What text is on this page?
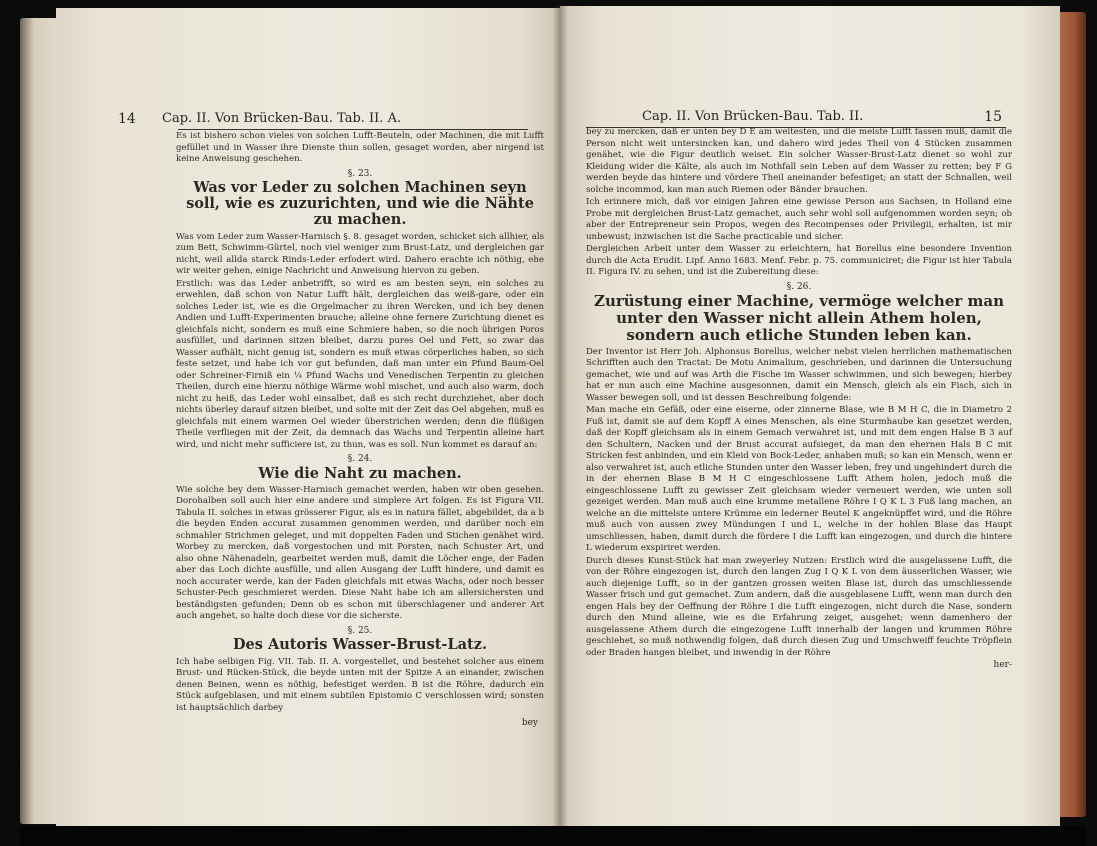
14 Cap. II. Von Brücken-Bau. Tab. II. A.

Es ist bishero schon vieles von solchen Lufft-Beuteln, oder Machinen, die mit Lufft gefüllet und in Wasser ihre Dienste thun sollen, gesaget worden, aber nirgend ist keine Anweisung geschehen.

§. 23.

Was vor Leder zu solchen Machinen seyn soll, wie es zuzurichten, und wie die Nähte zu machen.

Was vom Leder zum Wasser-Harnisch §. 8. gesaget worden, schicket sich allhier, als zum Bett, Schwimm-Gürtel, noch viel weniger zum Brust-Latz, und dergleichen gar nicht, weil allda starck Rinds-Leder erfodert wird. Dahero erachte ich nöthig, ehe wir weiter gehen, einige Nachricht und Anweisung hiervon zu geben.

Erstlich: was das Leder anbetrifft, so wird es am besten seyn, ein solches zu erwehlen, daß schon von Natur Lufft hält, dergleichen das weiß-gare, oder ein solches Leder ist, wie es die Orgelmacher zu ihren Wercken, und ich bey denen Andien und Lufft-Experimenten brauche; alleine ohne fernere Zurichtung dienet es gleichfals nicht, sondern es muß eine Schmiere haben, so die noch übrigen Poros ausfüllet, und darinnen sitzen bleibet, darzu pures Oel und Fett, so zwar das Wasser aufhält, nicht genug ist, sondern es muß etwas cörperliches haben, so sich feste setzet, und habe ich vor gut befunden, daß man unter ein Pfund Baum-Oel oder Schreiner-Firniß ein ¼ Pfund Wachs und Venedischen Terpentin zu gleichen Theilen, durch eine hierzu nöthige Wärme wohl mischet, und auch also warm, doch nicht zu heiß, das Leder wohl einsalbet, daß es sich recht durchziehet, aber doch nichts überley darauf sitzen bleibet, und solte mit der Zeit das Oel abgehen, muß es gleichfals mit einem warmen Oel wieder überstrichen werden; denn die flüßigen Theile verfliegen mit der Zeit, da demnach das Wachs und Terpentin alleine hart wird, und nicht mehr sufficiere ist, zu thun, was es soll. Nun kommet es darauf an:

§. 24.

Wie die Naht zu machen.

Wie solche bey dem Wasser-Harnisch gemachet werden, haben wir oben gesehen. Dorohalben soll auch hier eine andere und simplere Art folgen. Es ist Figura VII. Tabula II. solches in etwas grösserer Figur, als es in natura fället, abgebildet, da a b die beyden Enden accurat zusammen genommen werden, und darüber noch ein schmahler Strichmen geleget, und mit doppelten Faden und Stichen genähet wird. Worbey zu mercken, daß vorgestochen und mit Porsten, nach Schuster Art, und also ohne Nähenadeln, gearbeitet werden muß, damit die Löcher enge, der Faden aber das Loch dichte ausfülle, und allen Ausgang der Lufft hindere, und damit es noch accurater werde, kan der Faden gleichfals mit etwas Wachs, oder noch besser Schuster-Pech geschmieret werden. Diese Naht habe ich am allersichersten und beständigsten gefunden; Denn ob es schon mit überschlagener und anderer Art auch angehet, so halte doch diese vor die sicherste.

§. 25.

Des Autoris Wasser-Brust-Latz.

Ich habe selbigen Fig. VII. Tab. II. A. vorgestellet, und bestehet solcher aus einem Brust- und Rücken-Stück, die beyde unten mit der Spitze A an einander, zwischen denen Beinen, wenn es nöthig, befestiget werden. B ist die Röhre, dadurch ein Stück aufgeblasen, und mit einem subtilen Epistomio C verschlossen wird; sonsten ist hauptsächlich darbey

bey
Cap. II. Von Brücken-Bau. Tab. II.	15

bey zu mercken, daß er unten bey D E am weitesten, und die meiste Lufft fassen muß, damit die Person nicht weit untersincken kan, und dahero wird jedes Theil von 4 Stücken zusammen genähet, wie die Figur deutlich weiset. Ein solcher Wasser-Brust-Latz dienet so wohl zur Kleidung wider die Kälte, als auch im Nothfall sein Leben auf dem Wasser zu retten; bey F G werden beyde das hintere und vördere Theil aneinander befestiget; an statt der Schnallen, weil solche incommod, kan man auch Riemen oder Bänder brauchen.

Ich erinnere mich, daß vor einigen Jahren eine gewisse Person aus Sachsen, in Holland eine Probe mit dergleichen Brust-Latz gemachet, auch sehr wohl soll aufgenommen worden seyn; ob aber der Entrepreneur sein Propos, wegen des Recompenses oder Privilegii, erhalten, ist mir unbewust; inzwischen ist die Sache practicable und sicher.

Dergleichen Arbeit unter dem Wasser zu erleichtern, hat Borellus eine besondere Invention durch die Acta Erudit. Lipf. Anno 1683. Menf. Febr. p. 75. communiciret; die Figur ist hier Tabula II. Figura IV. zu sehen, und ist die Zubereitung diese:

§. 26.

Zurüstung einer Machine, vermöge welcher man unter den Wasser nicht allein Athem holen, sondern auch etliche Stunden leben kan.

Der Inventor ist Herr Joh. Alphonsus Borellus, welcher nebst vielen herrlichen mathematischen Schrifften auch den Tractat: De Motu Animalium, geschrieben, und darinnen die Untersuchung gemachet, wie und auf was Arth die Fische im Wasser schwimmen, und sich bewegen; hierbey hat er nun auch eine Machine ausgesonnen, damit ein Mensch, gleich als ein Fisch, sich in Wasser bewegen soll, und ist dessen Beschreibung folgende:

Man mache ein Gefäß, oder eine eiserne, oder zinnerne Blase, wie B M H C, die in Diametro 2 Fuß ist, damit sie auf dem Kopff A eines Menschen, als eine Sturmhaube kan gesetzet werden, daß der Kopff gleichsam als in einem Gemach verwahret ist, und mit dem engen Halse B 3 auf den Schultern, Nacken und der Brust accurat aufsieget, da man den ehernen Hals B C mit Stricken fest anbinden, und ein Kleid von Bock-Leder, anhaben muß; so kan ein Mensch, wenn er also verwahret ist, auch etliche Stunden unter den Wasser leben, frey und ungehindert durch die in der ehernen Blase B M H C eingeschlossene Lufft Athem holen, jedoch muß die eingeschlossene Lufft zu gewisser Zeit gleichsam wieder verneuert werden, wie unten soll gezeiget werden. Man muß auch eine krumme metallene Röhre I Q K L 3 Fuß lang machen, an welche an die mittelste untere Krümme ein lederner Beutel K angeknüpffet wird, und die Röhre muß auch von aussen zwey Mündungen I und L, welche in der hohlen Blase das Haupt umschliessen, haben, damit durch die fördere I die Lufft kan eingezogen, und durch die hintere L wiederum exspiriret werden.

Durch dieses Kunst-Stück hat man zweyerley Nutzen: Erstlich wird die ausgelassene Lufft, die von der Röhre eingezogen ist, durch den langen Zug I Q K L von dem äusserlichen Wasser, wie auch diejenige Lufft, so in der gantzen grossen weiten Blase ist, durch das umschliessende Wasser frisch und gut gemachet. Zum andern, daß die ausgeblasene Lufft, wenn man durch den engen Hals bey der Oeffnung der Röhre I die Lufft eingezogen, nicht durch die Nase, sondern durch den Mund alleine, wie es die Erfahrung zeiget, ausgehet; wenn damenhero der ausgelassene Athem durch die eingezogene Lufft innerhalb der langen und krummen Röhre geschiehet, so muß nothwendig folgen, daß durch diesen Zug und Umschweiff feuchte Tröpflein oder Braden hangen bleibet, und inwendig in der Röhre

her-
